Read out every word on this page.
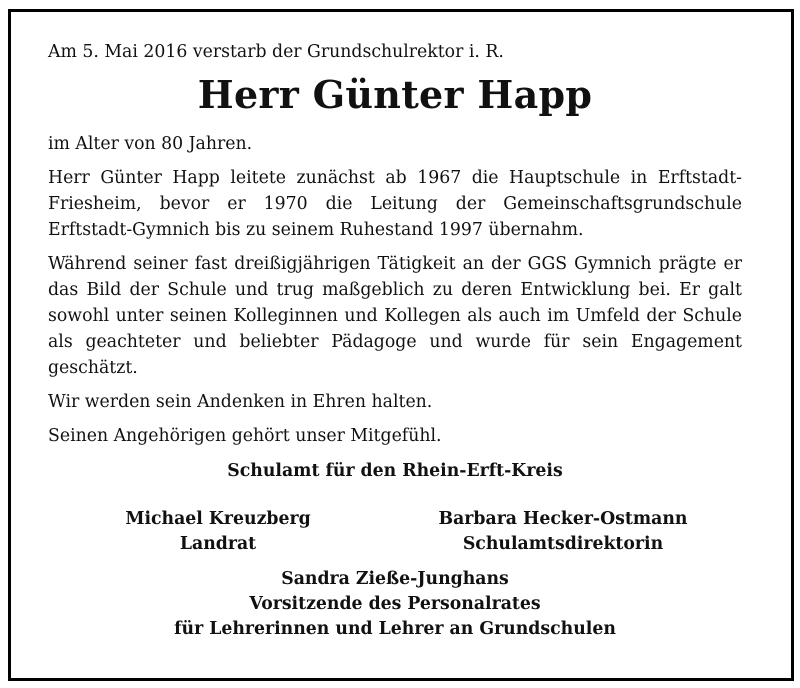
Am 5. Mai 2016 verstarb der Grundschulrektor i. R.

Herr Günter Happ

im Alter von 80 Jahren.

Herr Günter Happ leitete zunächst ab 1967 die Hauptschule in Erftstadt-Friesheim, bevor er 1970 die Leitung der Gemeinschaftsgrundschule Erftstadt-Gymnich bis zu seinem Ruhestand 1997 übernahm.

Während seiner fast dreißigjährigen Tätigkeit an der GGS Gymnich prägte er das Bild der Schule und trug maßgeblich zu deren Entwicklung bei. Er galt sowohl unter seinen Kolleginnen und Kollegen als auch im Umfeld der Schule als geachteter und beliebter Pädagoge und wurde für sein Engagement geschätzt.

Wir werden sein Andenken in Ehren halten.

Seinen Angehörigen gehört unser Mitgefühl.

Schulamt für den Rhein-Erft-Kreis
Michael Kreuzberg
Landrat
Barbara Hecker-Ostmann
Schulamtsdirektorin
Sandra Zieße-Junghans
Vorsitzende des Personalrates
für Lehrerinnen und Lehrer an Grundschulen
